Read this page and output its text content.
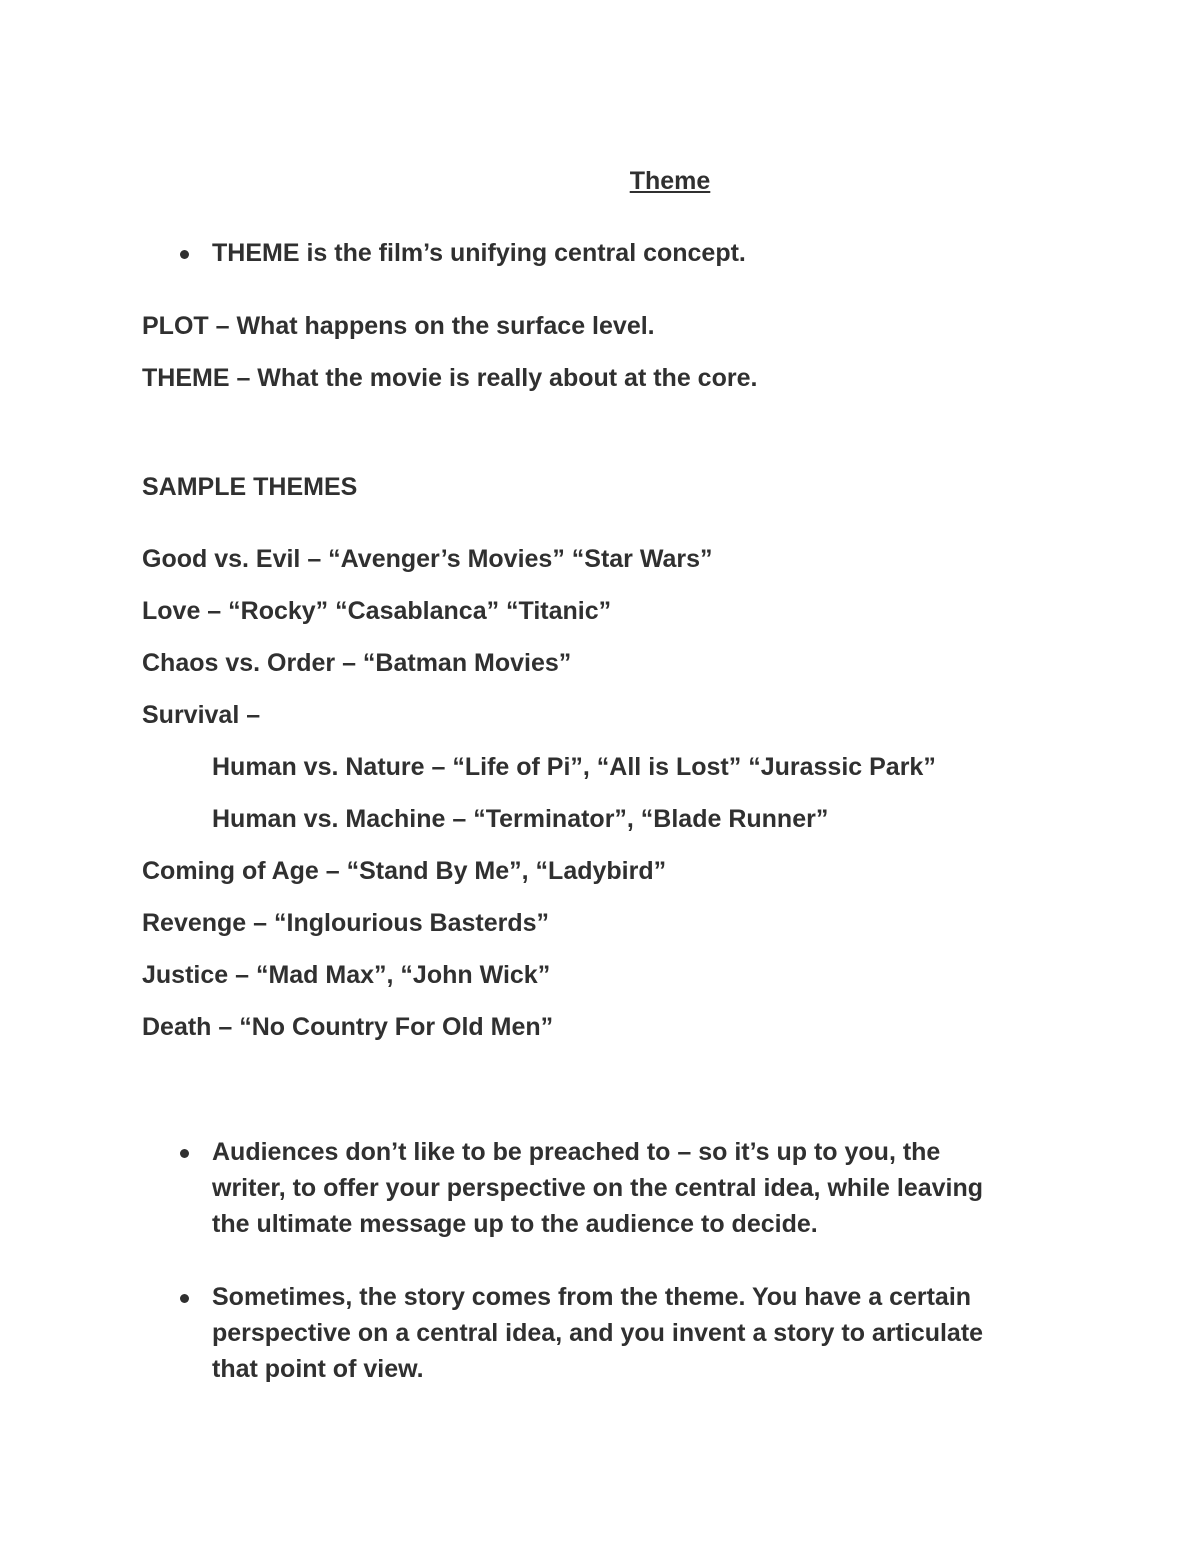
Theme
THEME is the film’s unifying central concept.
PLOT – What happens on the surface level.
THEME – What the movie is really about at the core.
SAMPLE THEMES
Good vs. Evil – “Avenger’s Movies” “Star Wars”
Love – “Rocky” “Casablanca” “Titanic”
Chaos vs. Order – “Batman Movies”
Survival –
Human vs. Nature – “Life of Pi”, “All is Lost” “Jurassic Park”
Human vs. Machine – “Terminator”, “Blade Runner”
Coming of Age – “Stand By Me”, “Ladybird”
Revenge – “Inglourious Basterds”
Justice – “Mad Max”, “John Wick”
Death – “No Country For Old Men”
Audiences don’t like to be preached to – so it’s up to you, the
writer, to offer your perspective on the central idea, while leaving
the ultimate message up to the audience to decide.
Sometimes, the story comes from the theme. You have a certain
perspective on a central idea, and you invent a story to articulate
that point of view.
